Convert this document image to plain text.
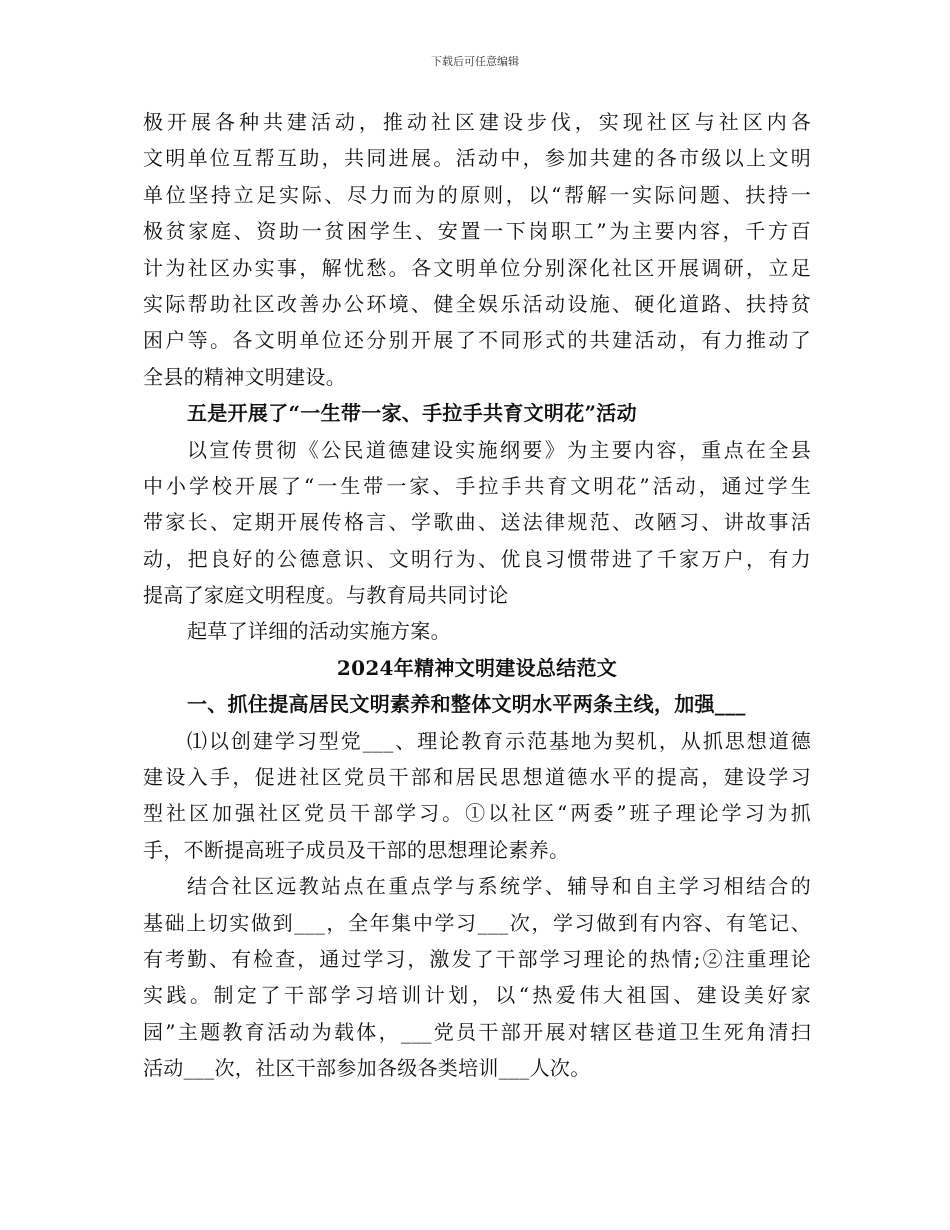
下载后可任意编辑
极开展各种共建活动，推动社区建设步伐，实现社区与社区内各
文明单位互帮互助，共同进展。活动中，参加共建的各市级以上文明
单位坚持立足实际、尽力而为的原则，以“帮解一实际问题、扶持一
极贫家庭、资助一贫困学生、安置一下岗职工”为主要内容，千方百
计为社区办实事，解忧愁。各文明单位分别深化社区开展调研，立足
实际帮助社区改善办公环境、健全娱乐活动设施、硬化道路、扶持贫
困户等。各文明单位还分别开展了不同形式的共建活动，有力推动了
全县的精神文明建设。
五是开展了“一生带一家、手拉手共育文明花”活动
以宣传贯彻《公民道德建设实施纲要》为主要内容，重点在全县
中小学校开展了“一生带一家、手拉手共育文明花”活动，通过学生
带家长、定期开展传格言、学歌曲、送法律规范、改陋习、讲故事活
动，把良好的公德意识、文明行为、优良习惯带进了千家万户，有力
提高了家庭文明程度。与教育局共同讨论
起草了详细的活动实施方案。
2024年精神文明建设总结范文
一、抓住提高居民文明素养和整体文明水平两条主线，加强___
⑴以创建学习型党___、理论教育示范基地为契机，从抓思想道德
建设入手，促进社区党员干部和居民思想道德水平的提高，建设学习
型社区加强社区党员干部学习。①以社区“两委”班子理论学习为抓
手，不断提高班子成员及干部的思想理论素养。
结合社区远教站点在重点学与系统学、辅导和自主学习相结合的
基础上切实做到___，全年集中学习___次，学习做到有内容、有笔记、
有考勤、有检查，通过学习，激发了干部学习理论的热情;②注重理论
实践。制定了干部学习培训计划，以“热爱伟大祖国、建设美好家
园”主题教育活动为载体，___党员干部开展对辖区巷道卫生死角清扫
活动___次，社区干部参加各级各类培训___人次。
